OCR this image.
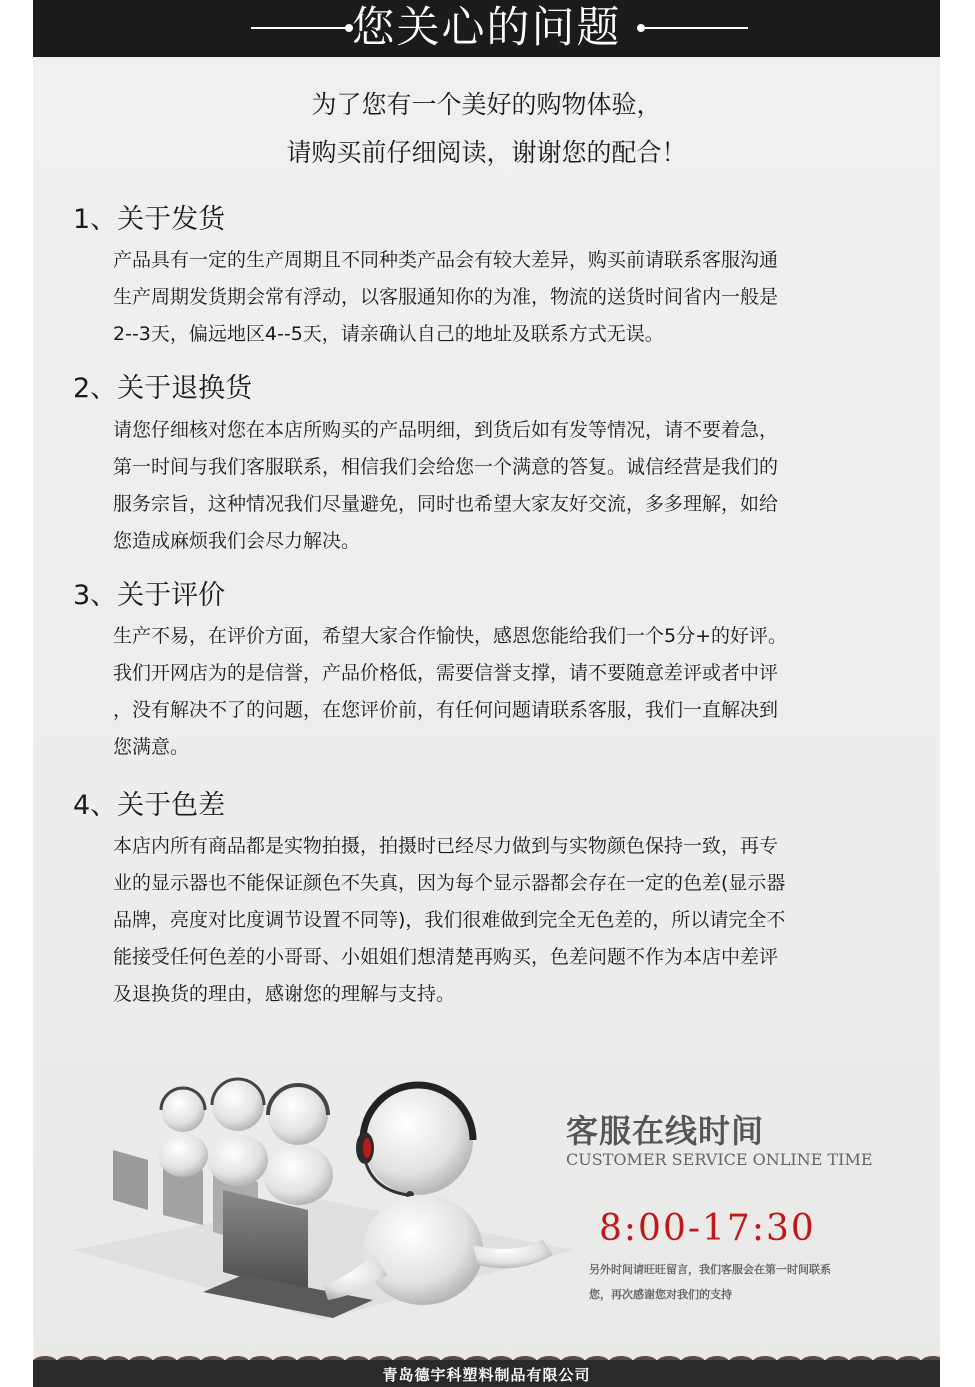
您关心的问题
为了您有一个美好的购物体验，
请购买前仔细阅读，谢谢您的配合！
1、关于发货
产品具有一定的生产周期且不同种类产品会有较大差异，购买前请联系客服沟通
生产周期发货期会常有浮动，以客服通知你的为准，物流的送货时间省内一般是
2--3天，偏远地区4--5天，请亲确认自己的地址及联系方式无误。
2、关于退换货
请您仔细核对您在本店所购买的产品明细，到货后如有发等情况，请不要着急，
第一时间与我们客服联系，相信我们会给您一个满意的答复。诚信经营是我们的
服务宗旨，这种情况我们尽量避免，同时也希望大家友好交流，多多理解，如给
您造成麻烦我们会尽力解决。
3、关于评价
生产不易，在评价方面，希望大家合作愉快，感恩您能给我们一个5分+的好评。
我们开网店为的是信誉，产品价格低，需要信誉支撑，请不要随意差评或者中评
，没有解决不了的问题，在您评价前，有任何问题请联系客服，我们一直解决到
您满意。
4、关于色差
本店内所有商品都是实物拍摄，拍摄时已经尽力做到与实物颜色保持一致，再专
业的显示器也不能保证颜色不失真，因为每个显示器都会存在一定的色差(显示器
品牌，亮度对比度调节设置不同等)，我们很难做到完全无色差的，所以请完全不
能接受任何色差的小哥哥、小姐姐们想清楚再购买，色差问题不作为本店中差评
及退换货的理由，感谢您的理解与支持。
客服在线时间
CUSTOMER SERVICE ONLINE TIME
8:00-17:30
另外时间请旺旺留言，我们客服会在第一时间联系
您，再次感谢您对我们的支持
青岛德宇科塑料制品有限公司
